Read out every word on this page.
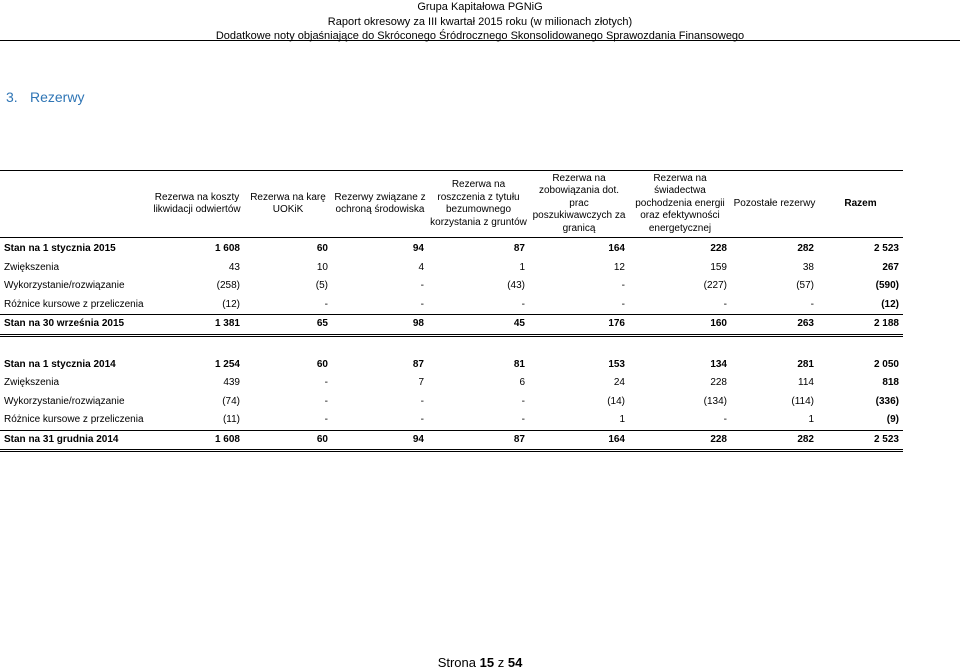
Grupa Kapitałowa PGNiG
Raport okresowy za III kwartał 2015 roku (w milionach złotych)
Dodatkowe noty objaśniające do Skróconego Śródrocznego Skonsolidowanego Sprawozdania Finansowego
3. Rezerwy
	Rezerwa na koszty likwidacji odwiertów	Rezerwa na karę UOKiK	Rezerwy związane z ochroną środowiska	Rezerwa na roszczenia z tytułu bezumownego korzystania z gruntów	Rezerwa na zobowiązania dot. prac poszukiwawczych za granicą	Rezerwa na świadectwa pochodzenia energii oraz efektywności energetycznej	Pozostałe rezerwy	Razem
Stan na 1 stycznia 2015	1 608	60	94	87	164	228	282	2 523
Zwiększenia	43	10	4	1	12	159	38	267
Wykorzystanie/rozwiązanie	(258)	(5)	-	(43)	-	(227)	(57)	(590)
Różnice kursowe z przeliczenia	(12)	-	-	-	-	-	-	(12)
Stan na 30 września 2015	1 381	65	98	45	176	160	263	2 188

Stan na 1 stycznia 2014	1 254	60	87	81	153	134	281	2 050
Zwiększenia	439	-	7	6	24	228	114	818
Wykorzystanie/rozwiązanie	(74)	-	-	-	(14)	(134)	(114)	(336)
Różnice kursowe z przeliczenia	(11)	-	-	-	1	-	1	(9)
Stan na 31 grudnia 2014	1 608	60	94	87	164	228	282	2 523
Strona 15 z 54
